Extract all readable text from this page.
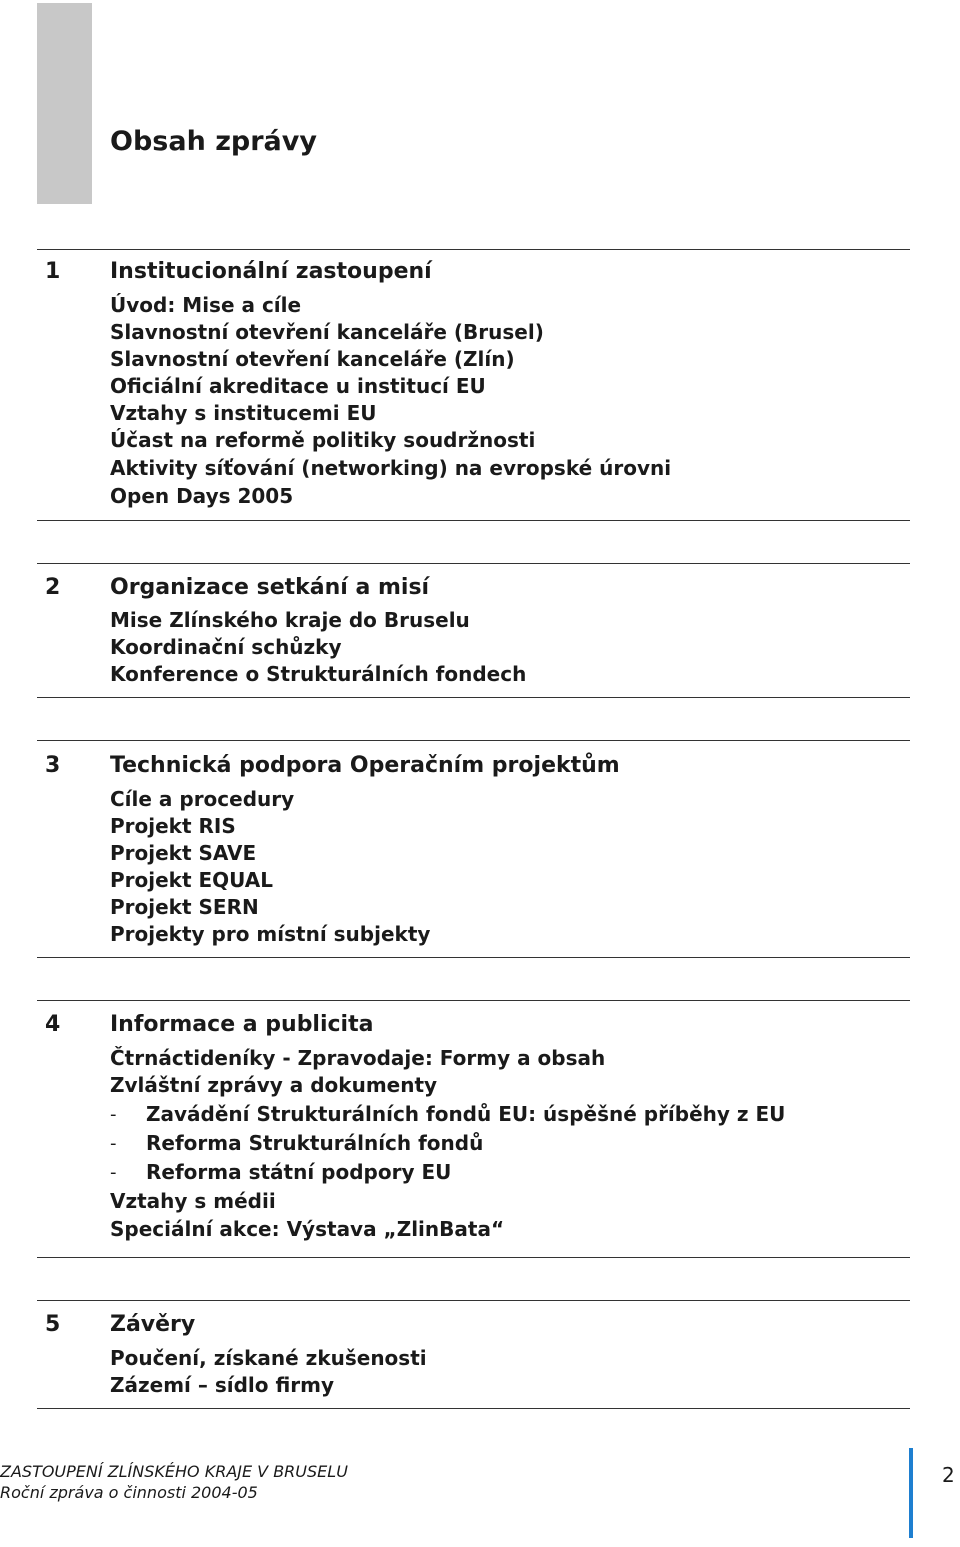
Obsah zprávy
1 Institucionální zastoupení
Úvod: Mise a cíle
Slavnostní otevření kanceláře (Brusel)
Slavnostní otevření kanceláře (Zlín)
Oficiální akreditace u institucí EU
Vztahy s institucemi EU
Účast na reformě politiky soudržnosti
Aktivity síťování (networking) na evropské úrovni
Open Days 2005
2 Organizace setkání a misí
Mise Zlínského kraje do Bruselu
Koordinační schůzky
Konference o Strukturálních fondech
3 Technická podpora Operačním projektům
Cíle a procedury
Projekt RIS
Projekt SAVE
Projekt EQUAL
Projekt SERN
Projekty pro místní subjekty
4 Informace a publicita
Čtrnáctideníky - Zpravodaje: Formy a obsah
Zvláštní zprávy a dokumenty
- Zavádění Strukturálních fondů EU: úspěšné příběhy z EU
- Reforma Strukturálních fondů
- Reforma státní podpory EU
Vztahy s médii
Speciální akce: Výstava „ZlinBata“
5 Závěry
Poučení, získané zkušenosti
Zázemí – sídlo firmy
ZASTOUPENÍ ZLÍNSKÉHO KRAJE V BRUSELU
Roční zpráva o činnosti 2004-05
2
